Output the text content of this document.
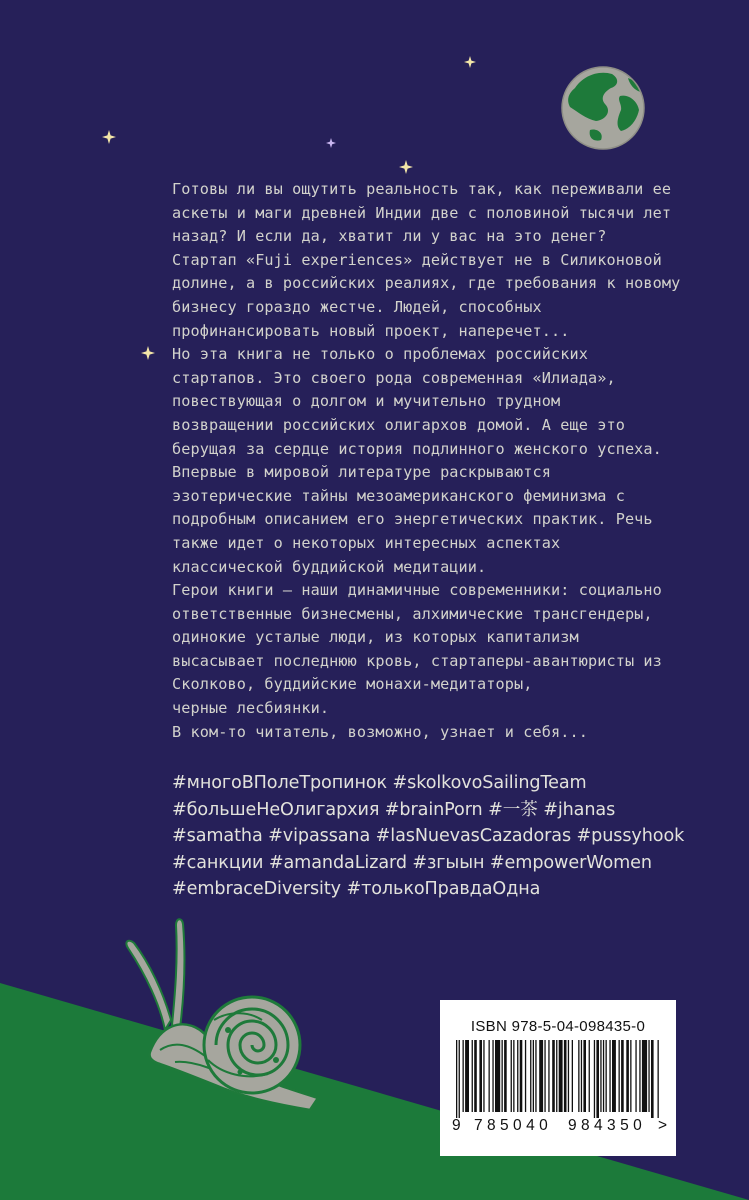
Готовы ли вы ощутить реальность так, как переживали ее

аскеты и маги древней Индии две с половиной тысячи лет

назад? И если да, хватит ли у вас на это денег?

Стартап «Fuji experiences» действует не в Силиконовой

долине, а в российских реалиях, где требования к новому

бизнесу гораздо жестче. Людей, способных

профинансировать новый проект, наперечет...

Но эта книга не только о проблемах российских

стартапов. Это своего рода современная «Илиада»,

повествующая о долгом и мучительно трудном

возвращении российских олигархов домой. А еще это

берущая за сердце история подлинного женского успеха.

Впервые в мировой литературе раскрываются

эзотерические тайны мезоамериканского феминизма с

подробным описанием его энергетических практик. Речь

также идет о некоторых интересных аспектах

классической буддийской медитации.

Герои книги – наши динамичные современники: социально

ответственные бизнесмены, алхимические трансгендеры,

одинокие усталые люди, из которых капитализм

высасывает последнюю кровь, стартаперы-авантюристы из

Сколково, буддийские монахи-медитаторы,

черные лесбиянки.

В ком-то читатель, возможно, узнает и себя...

#многоВПолеТропинок #skolkovoSailingTeam

#большеНеОлигархия #brainPorn #一茶 #jhanas

#samatha #vipassana #lasNuevasCazadoras #pussyhook

#санкции #amandaLizard #згыын #empowerWomen

#embraceDiversity #толькоПравдаОдна

ISBN 978-5-04-098435-0
9 785040 984350 >
